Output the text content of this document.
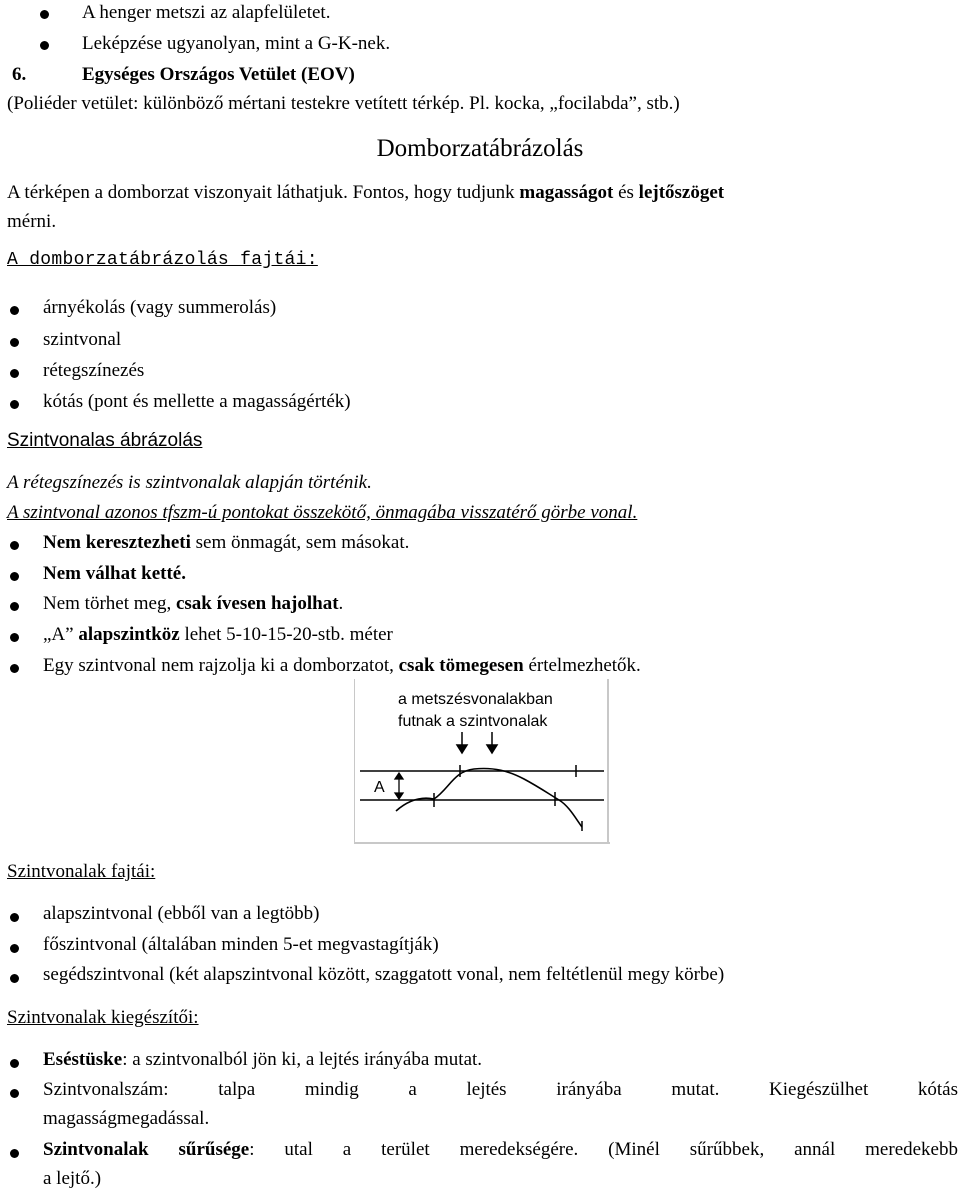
A henger metszi az alapfelületet.
Leképzése ugyanolyan, mint a G-K-nek.
6.	Egységes Országos Vetület (EOV)
(Poliéder vetület: különböző mértani testekre vetített térkép. Pl. kocka, „focilabda”, stb.)
Domborzatábrázolás
A térképen a domborzat viszonyait láthatjuk. Fontos, hogy tudjunk magasságot és lejtőszöget
mérni.
A domborzatábrázolás fajtái:
árnyékolás (vagy summerolás)
szintvonal
rétegszínezés
kótás (pont és mellette a magasságérték)
Szintvonalas ábrázolás
A rétegszínezés is szintvonalak alapján történik.
A szintvonal azonos tfszm-ú pontokat összekötő, önmagába visszatérő görbe vonal.
Nem keresztezheti sem önmagát, sem másokat.
Nem válhat ketté.
Nem törhet meg, csak ívesen hajolhat.
„A” alapszintköz lehet 5-10-15-20-stb. méter
Egy szintvonal nem rajzolja ki a domborzatot, csak tömegesen értelmezhetők.
a metszésvonalakban
futnak a szintvonalak
A
Szintvonalak fajtái:
alapszintvonal (ebből van a legtöbb)
főszintvonal (általában minden 5-et megvastagítják)
segédszintvonal (két alapszintvonal között, szaggatott vonal, nem feltétlenül megy körbe)
Szintvonalak kiegészítői:
Eséstüske: a szintvonalból jön ki, a lejtés irányába mutat.
Szintvonalszám: talpa mindig a lejtés irányába mutat. Kiegészülhet kótás
magasságmegadással.
Szintvonalak sűrűsége: utal a terület meredekségére. (Minél sűrűbbek, annál meredekebb
a lejtő.)
